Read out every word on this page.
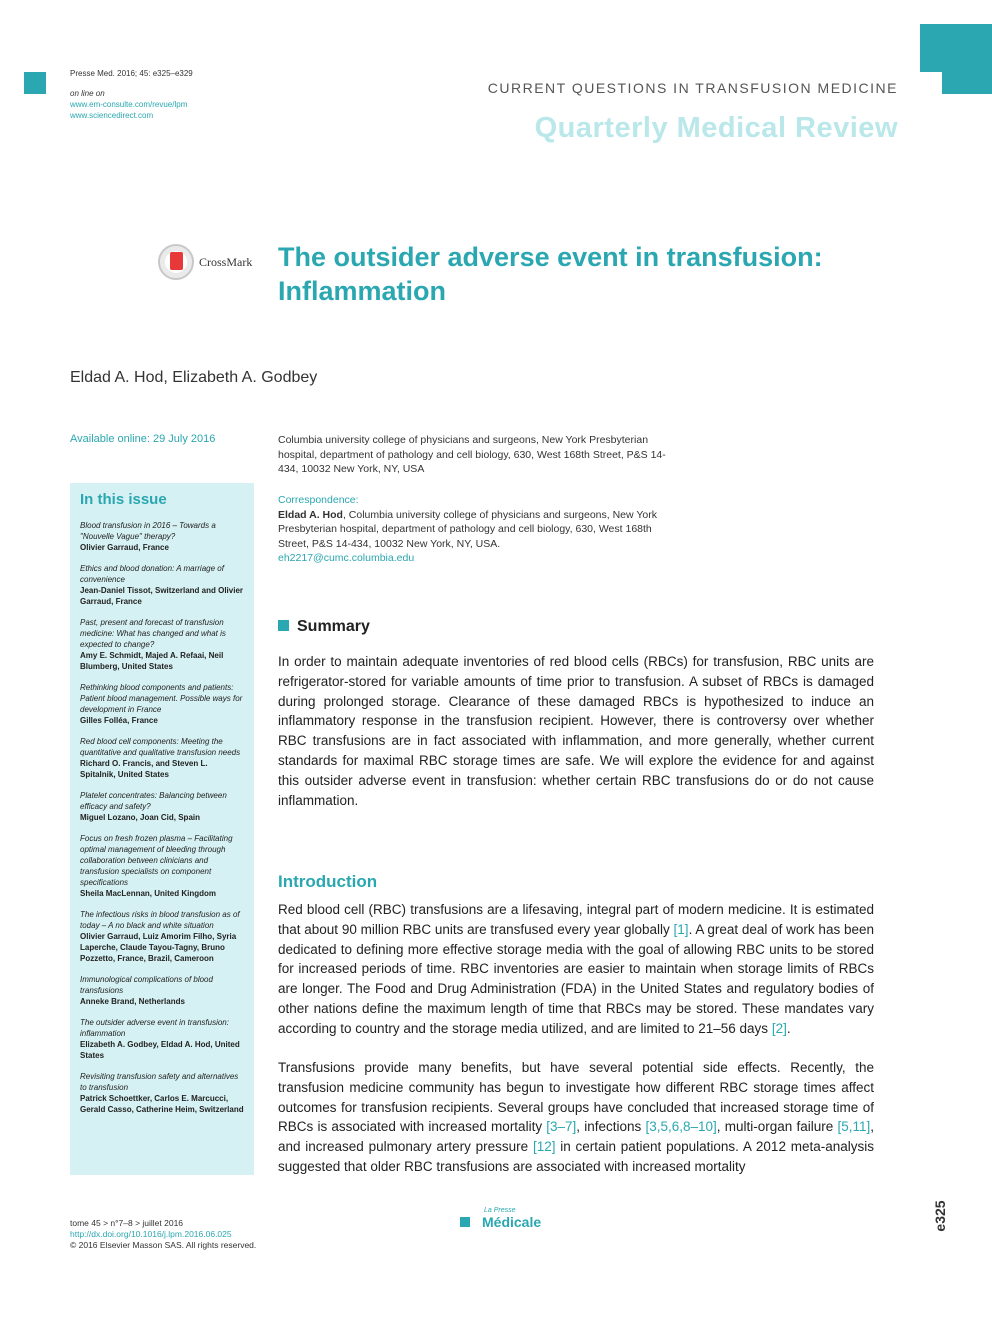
Presse Med. 2016; 45: e325–e329
on line on
www.em-consulte.com/revue/lpm
www.sciencedirect.com
CURRENT QUESTIONS IN TRANSFUSION MEDICINE
Quarterly Medical Review
CrossMark The outsider adverse event in transfusion: Inflammation
Eldad A. Hod, Elizabeth A. Godbey
Available online: 29 July 2016	Columbia university college of physicians and surgeons, New York Presbyterian hospital, department of pathology and cell biology, 630, West 168th Street, P&S 14-434, 10032 New York, NY, USA
Correspondence:
Eldad A. Hod, Columbia university college of physicians and surgeons, New York Presbyterian hospital, department of pathology and cell biology, 630, West 168th Street, P&S 14-434, 10032 New York, NY, USA.
eh2217@cumc.columbia.edu
In this issue
Blood transfusion in 2016 – Towards a "Nouvelle Vague" therapy?
Olivier Garraud, France
Ethics and blood donation: A marriage of convenience
Jean-Daniel Tissot, Switzerland and Olivier Garraud, France
Past, present and forecast of transfusion medicine: What has changed and what is expected to change?
Amy E. Schmidt, Majed A. Refaai, Neil Blumberg, United States
Rethinking blood components and patients: Patient blood management. Possible ways for development in France
Gilles Folléa, France
Red blood cell components: Meeting the quantitative and qualitative transfusion needs
Richard O. Francis, and Steven L. Spitalnik, United States
Platelet concentrates: Balancing between efficacy and safety?
Miguel Lozano, Joan Cid, Spain
Focus on fresh frozen plasma – Facilitating optimal management of bleeding through collaboration between clinicians and transfusion specialists on component specifications
Sheila MacLennan, United Kingdom
The infectious risks in blood transfusion as of today – A no black and white situation
Olivier Garraud, Luiz Amorim Filho, Syria Laperche, Claude Tayou-Tagny, Bruno Pozzetto, France, Brazil, Cameroon
Immunological complications of blood transfusions
Anneke Brand, Netherlands
The outsider adverse event in transfusion: inflammation
Elizabeth A. Godbey, Eldad A. Hod, United States
Revisiting transfusion safety and alternatives to transfusion
Patrick Schoettker, Carlos E. Marcucci, Gerald Casso, Catherine Heim, Switzerland
Summary

In order to maintain adequate inventories of red blood cells (RBCs) for transfusion, RBC units are refrigerator-stored for variable amounts of time prior to transfusion. A subset of RBCs is damaged during prolonged storage. Clearance of these damaged RBCs is hypothesized to induce an inflammatory response in the transfusion recipient. However, there is controversy over whether RBC transfusions are in fact associated with inflammation, and more generally, whether current standards for maximal RBC storage times are safe. We will explore the evidence for and against this outsider adverse event in transfusion: whether certain RBC transfusions do or do not cause inflammation.

Introduction

Red blood cell (RBC) transfusions are a lifesaving, integral part of modern medicine. It is estimated that about 90 million RBC units are transfused every year globally [1]. A great deal of work has been dedicated to defining more effective storage media with the goal of allowing RBC units to be stored for increased periods of time. RBC inventories are easier to maintain when storage limits of RBCs are longer. The Food and Drug Administration (FDA) in the United States and regulatory bodies of other nations define the maximum length of time that RBCs may be stored. These mandates vary according to country and the storage media utilized, and are limited to 21–56 days [2].

Transfusions provide many benefits, but have several potential side effects. Recently, the transfusion medicine community has begun to investigate how different RBC storage times affect outcomes for transfusion recipients. Several groups have concluded that increased storage time of RBCs is associated with increased mortality [3–7], infections [3,5,6,8–10], multi-organ failure [5,11], and increased pulmonary artery pressure [12] in certain patient populations. A 2012 meta-analysis suggested that older RBC transfusions are associated with increased mortality

tome 45 > n°7–8 > juillet 2016
http://dx.doi.org/10.1016/j.lpm.2016.06.025
© 2016 Elsevier Masson SAS. All rights reserved.
La Presse
Médicale	e325
